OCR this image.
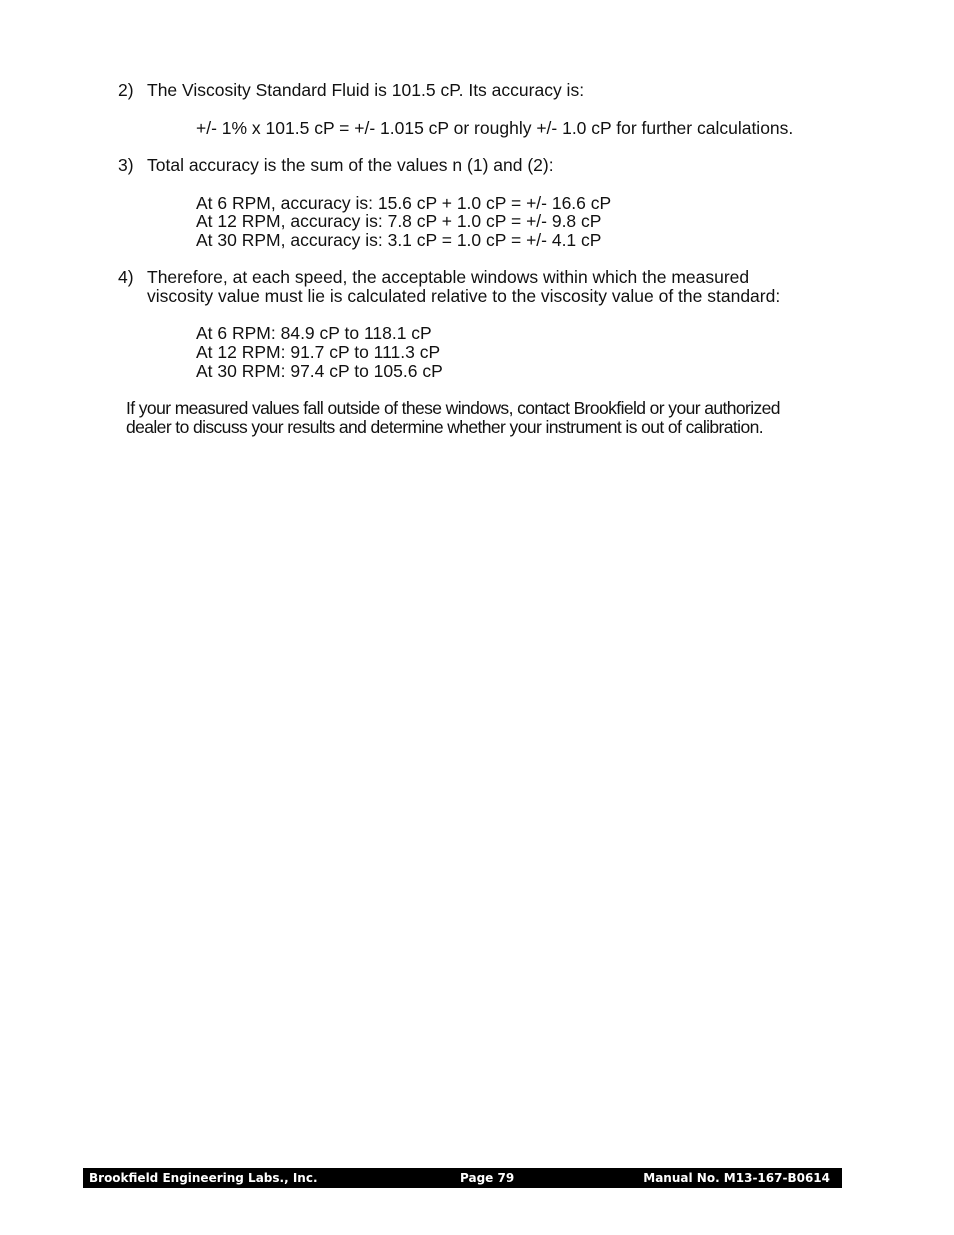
2) The Viscosity Standard Fluid is 101.5 cP. Its accuracy is:
+/- 1% x 101.5 cP = +/- 1.015 cP or roughly +/- 1.0 cP for further calculations.
3) Total accuracy is the sum of the values n (1) and (2):
At 6 RPM, accuracy is: 15.6 cP + 1.0 cP = +/- 16.6 cP
At 12 RPM, accuracy is: 7.8 cP + 1.0 cP = +/- 9.8 cP
At 30 RPM, accuracy is: 3.1 cP = 1.0 cP = +/- 4.1 cP
4) Therefore, at each speed, the acceptable windows within which the measured
viscosity value must lie is calculated relative to the viscosity value of the standard:
At 6 RPM: 84.9 cP to 118.1 cP
At 12 RPM: 91.7 cP to 111.3 cP
At 30 RPM: 97.4 cP to 105.6 cP
If your measured values fall outside of these windows, contact Brookfield or your authorized
dealer to discuss your results and determine whether your instrument is out of calibration.
Brookfield Engineering Labs., Inc.	Page 79	Manual No. M13-167-B0614
